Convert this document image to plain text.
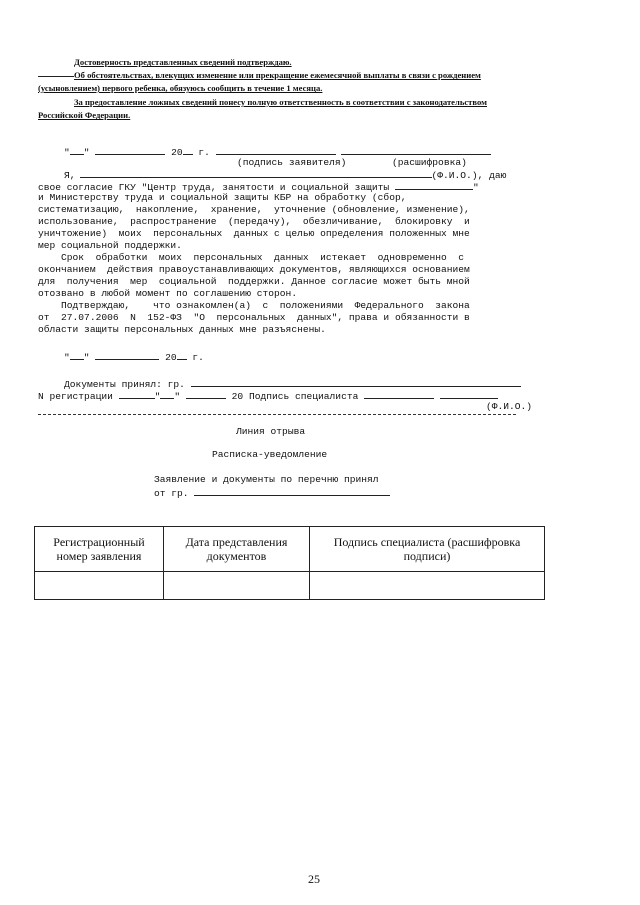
Достоверность представленных сведений подтверждаю.
Об обстоятельствах, влекущих изменение или прекращение ежемесячной выплаты в связи с рождением
(усыновлением) первого ребенка, обязуюсь сообщить в течение 1 месяца.
За предоставление ложных сведений понесу полную ответственность в соответствии с законодательством
Российской Федерации.
" "	20 г.
(подпись заявителя)	(расшифровка)
Я,	(Ф.И.О.), даю
свое согласие ГКУ "Центр труда, занятости и социальной защиты	"
и Министерству труда и социальной защиты КБР на обработку (сбор,
систематизацию,  накопление,  хранение,  уточнение (обновление, изменение),
использование,  распространение  (передачу),  обезличивание,  блокировку  и
уничтожение)  моих  персональных  данных с целью определения положенных мне
мер социальной поддержки.
Срок  обработки  моих  персональных  данных  истекает  одновременно  с
окончанием  действия правоустанавливающих документов, являющихся основанием
для  получения  мер  социальной  поддержки. Данное согласие может быть мной
отозвано в любой момент по соглашению сторон.
Подтверждаю,    что ознакомлен(а)  с  положениями  Федерального  закона
от  27.07.2006  N  152-ФЗ  "О  персональных  данных", права и обязанности в
области защиты персональных данных мне разъяснены.
" "	20 г.
Документы принял: гр.
N регистрации	" "	20 Подпись специалиста
(Ф.И.О.)
Линия отрыва
Расписка-уведомление
Заявление и документы по перечню принял
от гр.
Регистрационный номер заявления	Дата представления документов	Подпись специалиста (расшифровка подписи)

25
